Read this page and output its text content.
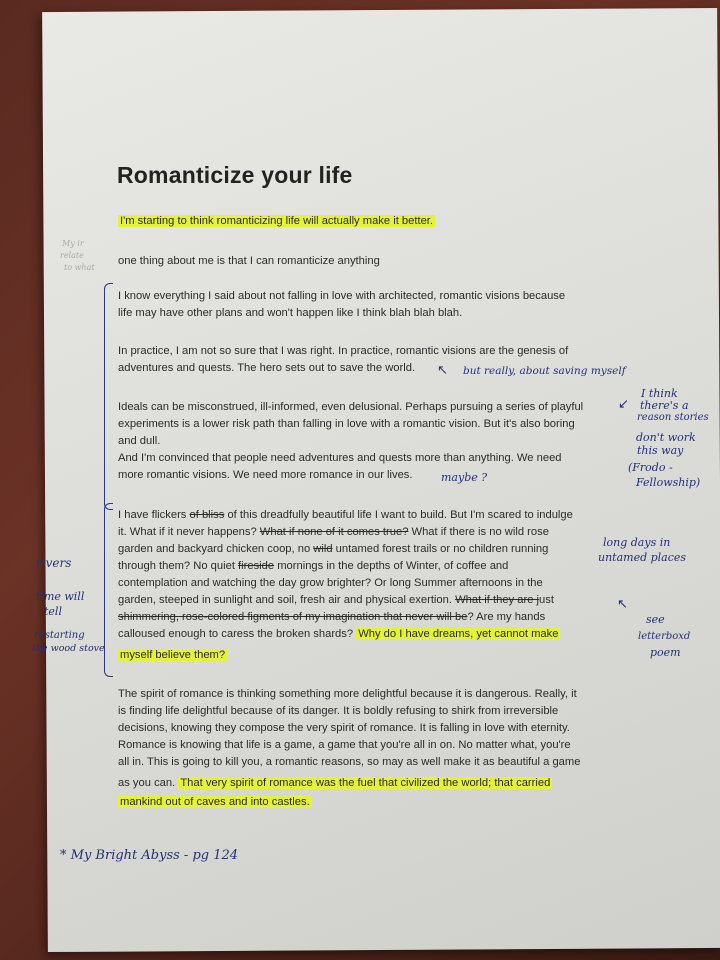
Romanticize your life
I'm starting to think romanticizing life will actually make it better.
one thing about me is that I can romanticize anything
I know everything I said about not falling in love with architected, romantic visions because
life may have other plans and won't happen like I think blah blah blah.
In practice, I am not so sure that I was right. In practice, romantic visions are the genesis of
adventures and quests. The hero sets out to save the world.
Ideals can be misconstrued, ill-informed, even delusional. Perhaps pursuing a series of playful
experiments is a lower risk path than falling in love with a romantic vision. But it's also boring
and dull.
And I'm convinced that people need adventures and quests more than anything. We need
more romantic visions. We need more romance in our lives.
I have flickers of bliss of this dreadfully beautiful life I want to build. But I'm scared to indulge
it. What if it never happens? What if none of it comes true? What if there is no wild rose
garden and backyard chicken coop, no wild untamed forest trails or no children running
through them? No quiet fireside mornings in the depths of Winter, of coffee and
contemplation and watching the day grow brighter? Or long Summer afternoons in the
garden, steeped in sunlight and soil, fresh air and physical exertion. What if they are just
shimmering, rose-colored figments of my imagination that never will be? Are my hands
calloused enough to caress the broken shards? Why do I have dreams, yet cannot make
myself believe them?
The spirit of romance is thinking something more delightful because it is dangerous. Really, it
is finding life delightful because of its danger. It is boldly refusing to shirk from irreversible
decisions, knowing they compose the very spirit of romance. It is falling in love with eternity.
Romance is knowing that life is a game, a game that you're all in on. No matter what, you're
all in. This is going to kill you, a romantic reasons, so may as well make it as beautiful a game
as you can. That very spirit of romance was the fuel that civilized the world; that carried
mankind out of caves and into castles.
but really, about saving myself
↖
I think
there's a
reason stories
don't work
this way
(Frodo -
Fellowship)
↙
maybe ?
long days in
untamed places
rivers
time will
tell
restarting
the wood stove
↖
see
letterboxd
poem
My ir
relate
to what
* My Bright Abyss - pg 124
